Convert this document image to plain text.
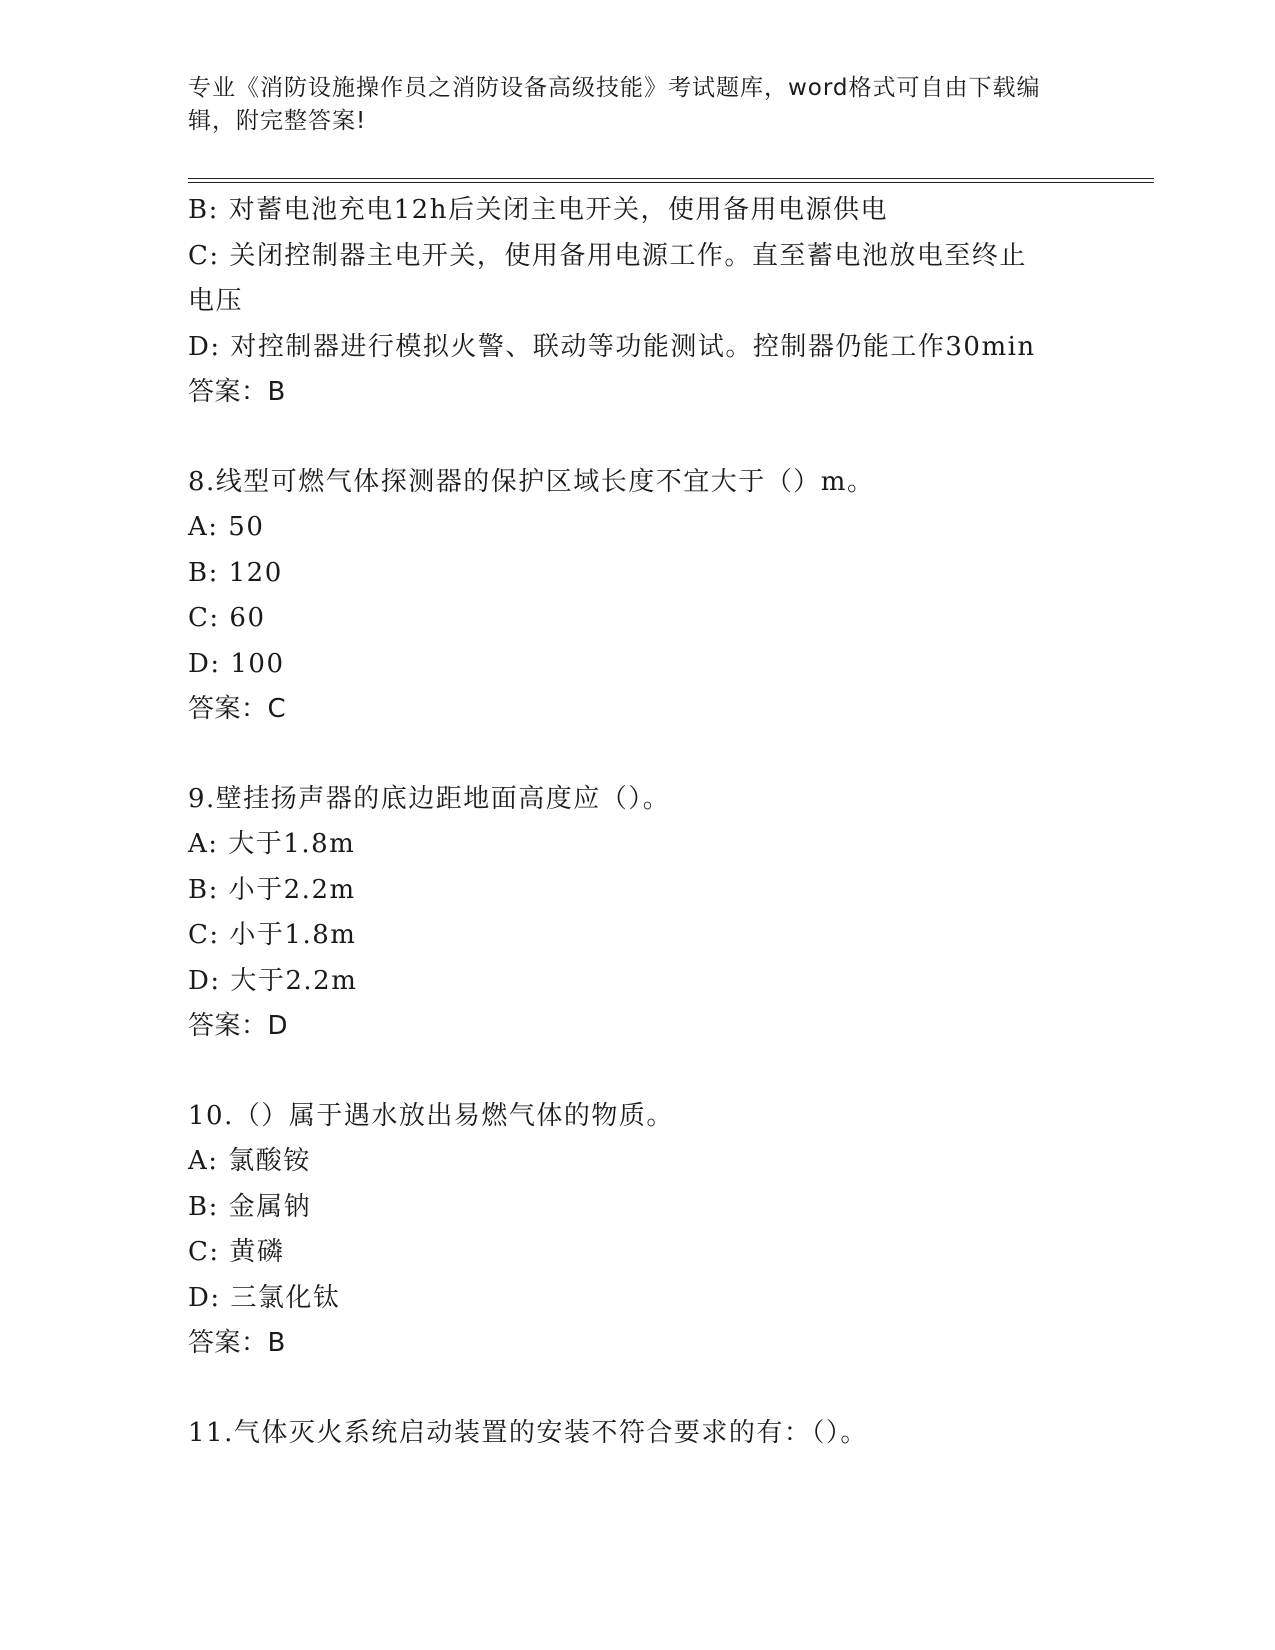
专业《消防设施操作员之消防设备高级技能》考试题库，word格式可自由下载编
辑，附完整答案!
B: 对蓄电池充电12h后关闭主电开关，使用备用电源供电
C: 关闭控制器主电开关，使用备用电源工作。直至蓄电池放电至终止
电压
D: 对控制器进行模拟火警、联动等功能测试。控制器仍能工作30min
答案：B
8.线型可燃气体探测器的保护区域长度不宜大于（）m。
A: 50
B: 120
C: 60
D: 100
答案：C
9.壁挂扬声器的底边距地面高度应（）。
A: 大于1.8m
B: 小于2.2m
C: 小于1.8m
D: 大于2.2m
答案：D
10.（）属于遇水放出易燃气体的物质。
A: 氯酸铵
B: 金属钠
C: 黄磷
D: 三氯化钛
答案：B
11.气体灭火系统启动装置的安装不符合要求的有：（）。
